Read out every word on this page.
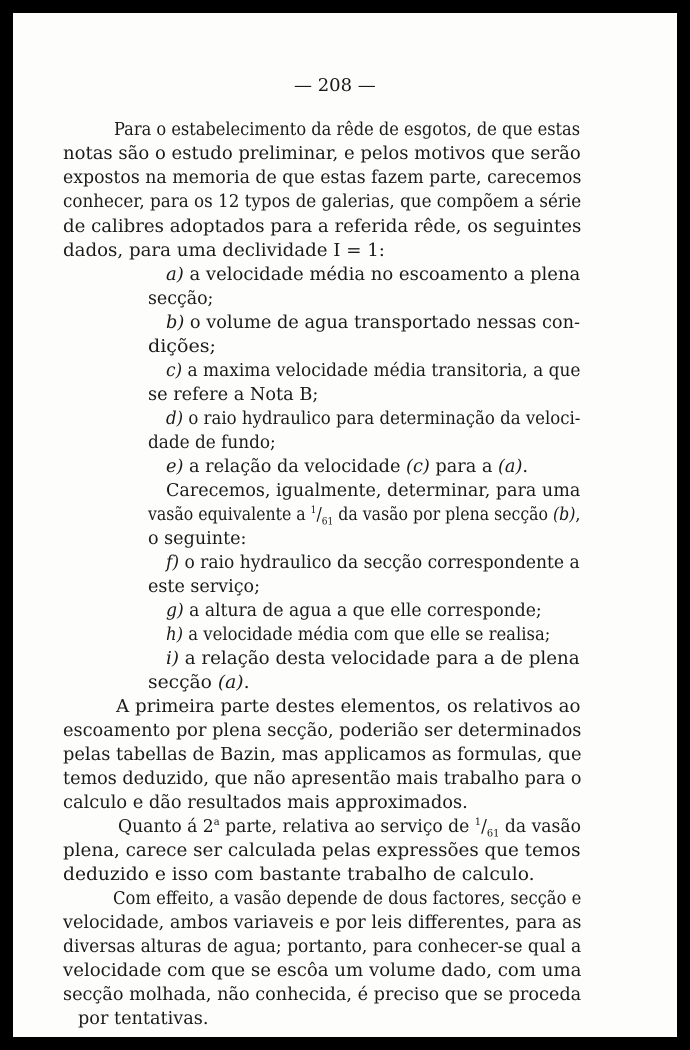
— 208 —
Para o estabelecimento da rêde de esgotos, de que estas
notas são o estudo preliminar, e pelos motivos que serão
expostos na memoria de que estas fazem parte, carecemos
conhecer, para os 12 typos de galerias, que compõem a série
de calibres adoptados para a referida rêde, os seguintes
dados, para uma declividade I = 1:
a) a velocidade média no escoamento a plena
secção;
b) o volume de agua transportado nessas con-
dições;
c) a maxima velocidade média transitoria, a que
se refere a Nota B;
d) o raio hydraulico para determinação da veloci-
dade de fundo;
e) a relação da velocidade (c) para a (a).
Carecemos, igualmente, determinar, para uma
vasão equivalente a $^1/_{61}$ da vasão por plena secção (b),
o seguinte:
f) o raio hydraulico da secção correspondente a
este serviço;
g) a altura de agua a que elle corresponde;
h) a velocidade média com que elle se realisa;
i) a relação desta velocidade para a de plena
secção (a).
A primeira parte destes elementos, os relativos ao
escoamento por plena secção, poderião ser determinados
pelas tabellas de Bazin, mas applicamos as formulas, que
temos deduzido, que não apresentão mais trabalho para o
calculo e dão resultados mais approximados.
Quanto á 2$^a$ parte, relativa ao serviço de $^1/_{61}$ da vasão
plena, carece ser calculada pelas expressões que temos
deduzido e isso com bastante trabalho de calculo.
Com effeito, a vasão depende de dous factores, secção e
velocidade, ambos variaveis e por leis differentes, para as
diversas alturas de agua; portanto, para conhecer-se qual a
velocidade com que se escôa um volume dado, com uma
secção molhada, não conhecida, é preciso que se proceda
por tentativas.
